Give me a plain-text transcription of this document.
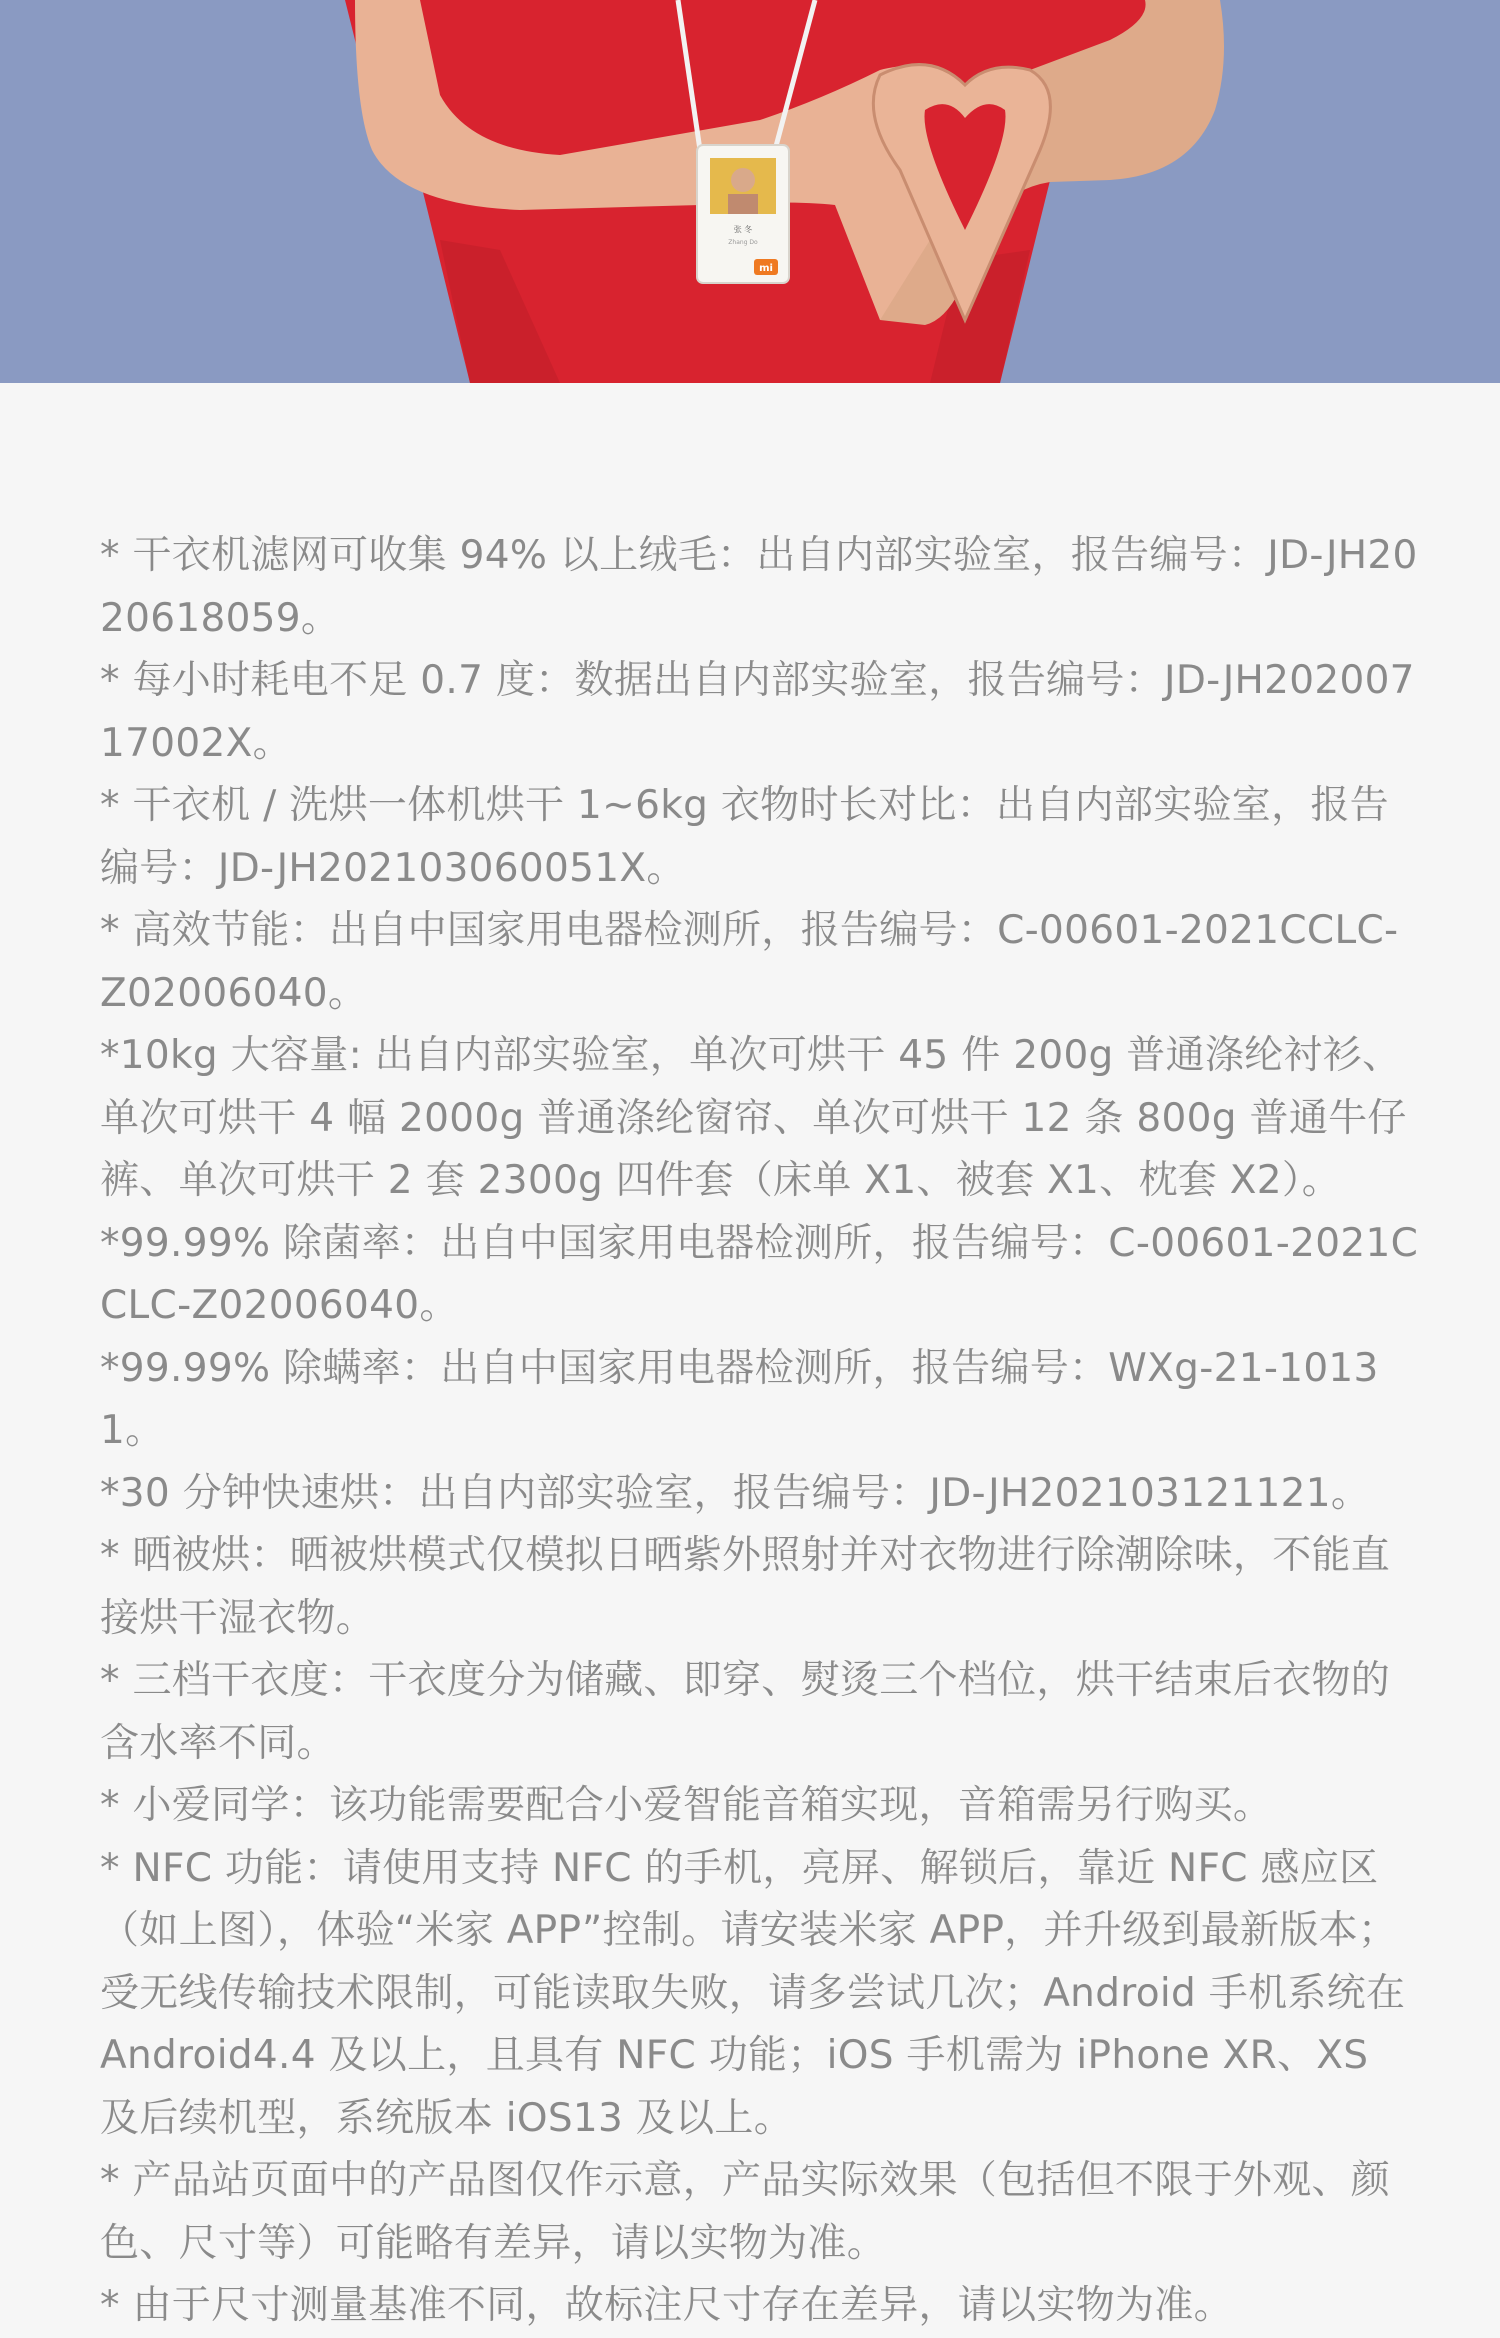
张 冬
Zhang Do
mi
* 干衣机滤网可收集 94% 以上绒毛：出自内部实验室，报告编号：JD-JH2020618059。
* 每小时耗电不足 0.7 度：数据出自内部实验室，报告编号：JD-JH20200717002X。
* 干衣机 / 洗烘一体机烘干 1~6kg 衣物时长对比：出自内部实验室，报告编号：JD-JH202103060051X。
* 高效节能：出自中国家用电器检测所，报告编号：C-00601-2021CCLC-Z02006040。
*10kg 大容量: 出自内部实验室，单次可烘干 45 件 200g 普通涤纶衬衫、单次可烘干 4 幅 2000g 普通涤纶窗帘、单次可烘干 12 条 800g 普通牛仔裤、单次可烘干 2 套 2300g 四件套（床单 X1、被套 X1、枕套 X2）。
*99.99% 除菌率：出自中国家用电器检测所，报告编号：C-00601-2021CCLC-Z02006040。
*99.99% 除螨率：出自中国家用电器检测所，报告编号：WXg-21-10131。
*30 分钟快速烘：出自内部实验室，报告编号：JD-JH202103121121。
* 晒被烘：晒被烘模式仅模拟日晒紫外照射并对衣物进行除潮除味，不能直接烘干湿衣物。
* 三档干衣度：干衣度分为储藏、即穿、熨烫三个档位，烘干结束后衣物的含水率不同。
* 小爱同学：该功能需要配合小爱智能音箱实现，音箱需另行购买。
* NFC 功能：请使用支持 NFC 的手机，亮屏、解锁后，靠近 NFC 感应区（如上图），体验“米家 APP”控制。请安装米家 APP，并升级到最新版本；受无线传输技术限制，可能读取失败，请多尝试几次；Android 手机系统在 Android4.4 及以上，且具有 NFC 功能；iOS 手机需为 iPhone XR、XS 及后续机型，系统版本 iOS13 及以上。
* 产品站页面中的产品图仅作示意，产品实际效果（包括但不限于外观、颜色、尺寸等）可能略有差异，请以实物为准。
* 由于尺寸测量基准不同，故标注尺寸存在差异，请以实物为准。
